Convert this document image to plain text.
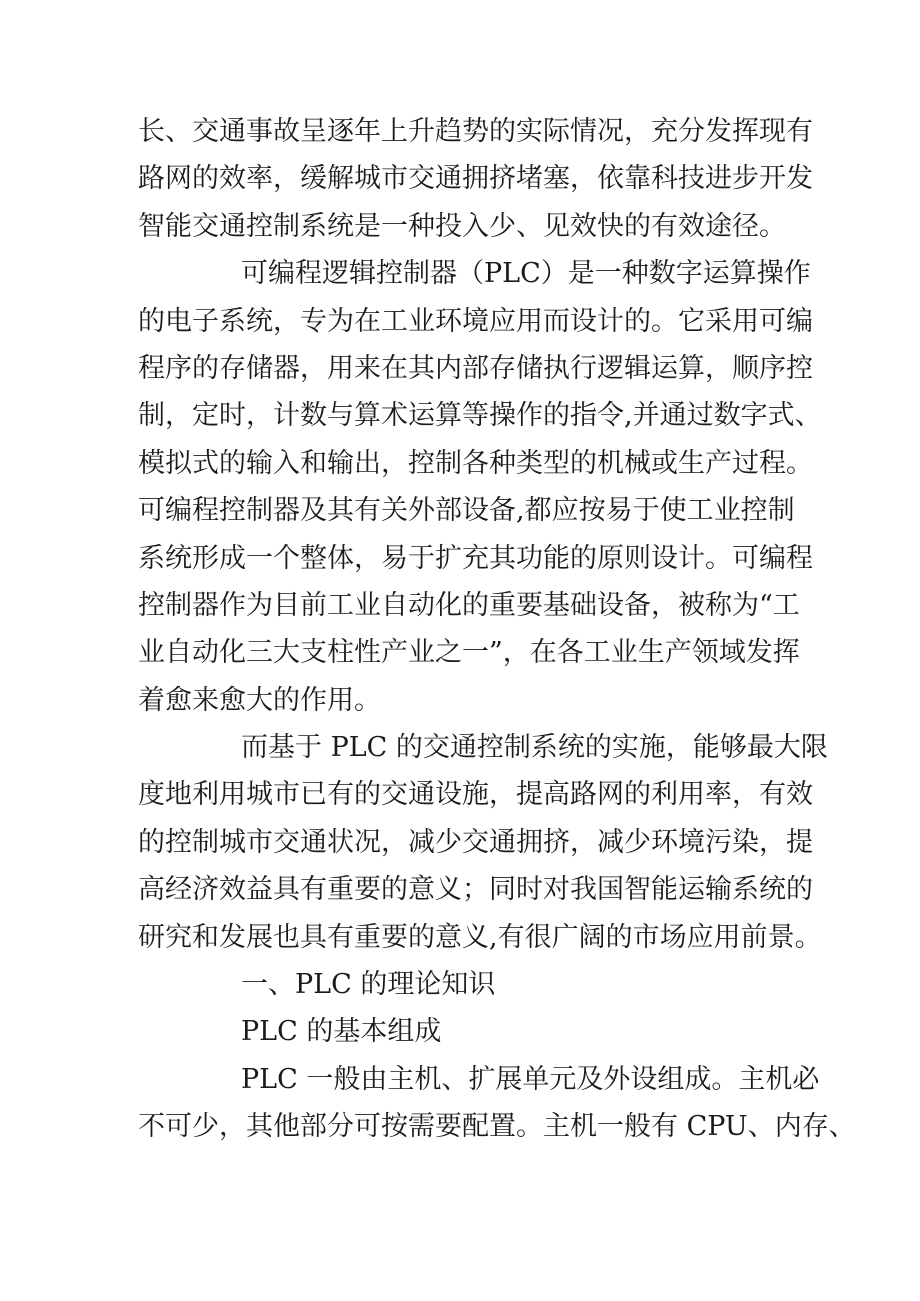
长、交通事故呈逐年上升趋势的实际情况，充分发挥现有
路网的效率，缓解城市交通拥挤堵塞，依靠科技进步开发
智能交通控制系统是一种投入少、见效快的有效途径。
可编程逻辑控制器（PLC）是一种数字运算操作
的电子系统，专为在工业环境应用而设计的。它采用可编
程序的存储器，用来在其内部存储执行逻辑运算，顺序控
制，定时，计数与算术运算等操作的指令,并通过数字式、
模拟式的输入和输出，控制各种类型的机械或生产过程。
可编程控制器及其有关外部设备,都应按易于使工业控制
系统形成一个整体，易于扩充其功能的原则设计。可编程
控制器作为目前工业自动化的重要基础设备，被称为“工
业自动化三大支柱性产业之一”，在各工业生产领域发挥
着愈来愈大的作用。
而基于 PLC 的交通控制系统的实施，能够最大限
度地利用城市已有的交通设施，提高路网的利用率，有效
的控制城市交通状况，减少交通拥挤，减少环境污染，提
高经济效益具有重要的意义；同时对我国智能运输系统的
研究和发展也具有重要的意义,有很广阔的市场应用前景。
一、PLC 的理论知识
PLC 的基本组成
PLC 一般由主机、扩展单元及外设组成。主机必
不可少，其他部分可按需要配置。主机一般有 CPU、内存、
